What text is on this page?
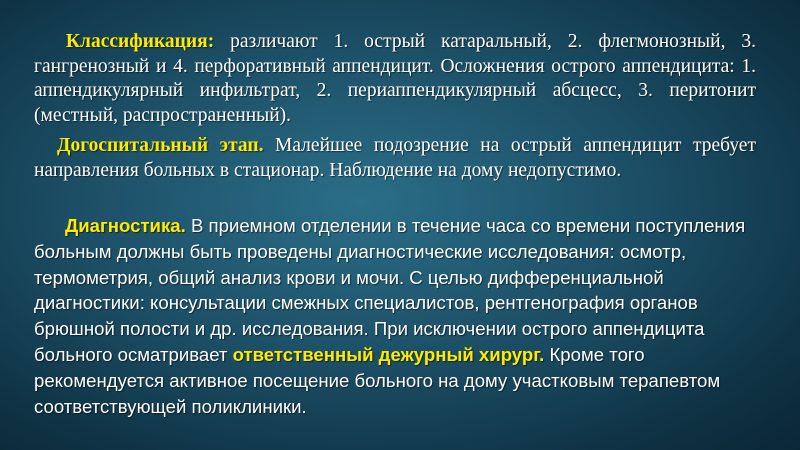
Классификация: различают 1. острый катаральный, 2. флегмонозный, 3. гангренозный и 4. перфоративный аппендицит. Осложнения острого аппендицита: 1. аппендикулярный инфильтрат, 2. периаппендикулярный абсцесс, 3. перитонит (местный, распространенный).

Догоспитальный этап. Малейшее подозрение на острый аппендицит требует направления больных в стационар. Наблюдение на дому недопустимо.

Диагностика. В приемном отделении в течение часа со времени поступления больным должны быть проведены диагностические исследования: осмотр, термометрия, общий анализ крови и мочи. С целью дифференциальной диагностики: консультации смежных специалистов, рентгенография органов брюшной полости и др. исследования. При исключении острого аппендицита больного осматривает ответственный дежурный хирург. Кроме того рекомендуется активное посещение больного на дому участковым терапевтом соответствующей поликлиники.
